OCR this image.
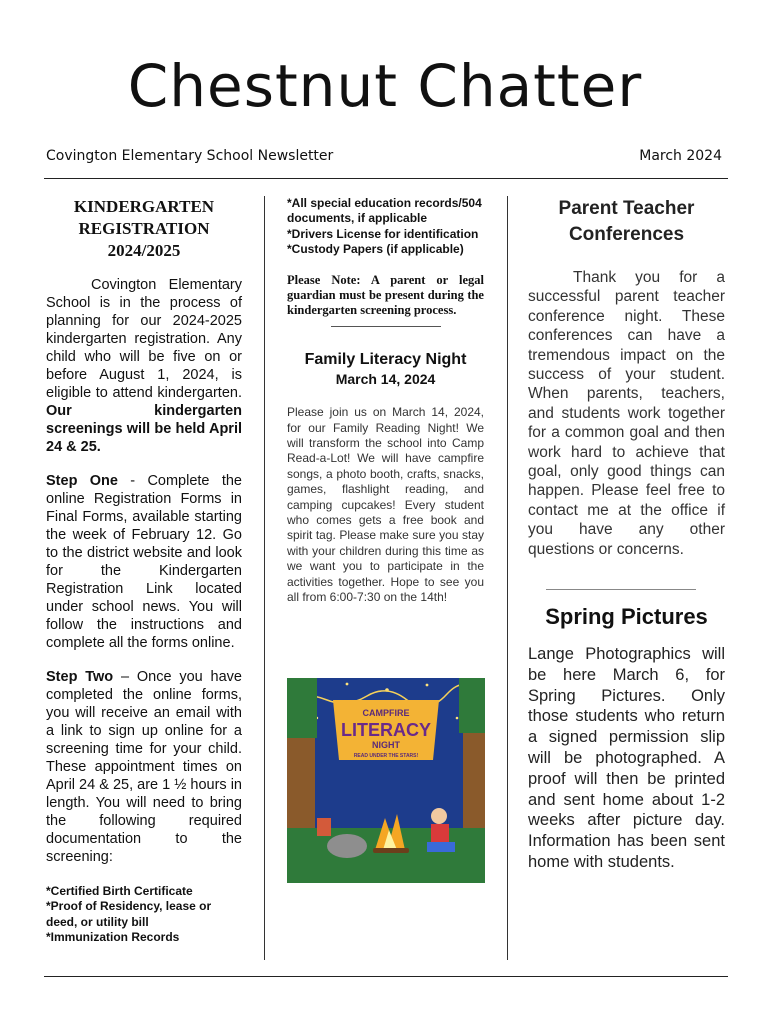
Chestnut Chatter
Covington Elementary School Newsletter	March 2024
KINDERGARTEN
REGISTRATION
2024/2025

Covington Elementary School is in the process of planning for our 2024-2025 kindergarten registration. Any child who will be five on or before August 1, 2024, is eligible to attend kindergarten. Our kindergarten screenings will be held April 24 & 25.

Step One - Complete the online Registration Forms in Final Forms, available starting the week of February 12. Go to the district website and look for the Kindergarten Registration Link located under school news. You will follow the instructions and complete all the forms online.

Step Two – Once you have completed the online forms, you will receive an email with a link to sign up online for a screening time for your child. These appointment times on April 24 & 25, are 1 ½ hours in length. You will need to bring the following required documentation to the screening:

*Certified Birth Certificate
*Proof of Residency, lease or deed, or utility bill
*Immunization Records
*All special education records/504 documents, if applicable
*Drivers License for identification
*Custody Papers (if applicable)

Please Note: A parent or legal guardian must be present during the kindergarten screening process.

Family Literacy Night
March 14, 2024

Please join us on March 14, 2024, for our Family Reading Night! We will transform the school into Camp Read-a-Lot! We will have campfire songs, a photo booth, crafts, snacks, games, flashlight reading, and camping cupcakes! Every student who comes gets a free book and spirit tag. Please make sure you stay with your children during this time as we want you to participate in the activities together. Hope to see you all from 6:00-7:30 on the 14th!

CAMPFIRE
LITERACY
NIGHT
READ UNDER THE STARS!
Parent Teacher
Conferences

Thank you for a successful parent teacher conference night. These conferences can have a tremendous impact on the success of your student. When parents, teachers, and students work together for a common goal and then work hard to achieve that goal, only good things can happen. Please feel free to contact me at the office if you have any other questions or concerns.

Spring Pictures

Lange Photographics will be here March 6, for Spring Pictures. Only those students who return a signed permission slip will be photographed. A proof will then be printed and sent home about 1-2 weeks after picture day. Information has been sent home with students.
